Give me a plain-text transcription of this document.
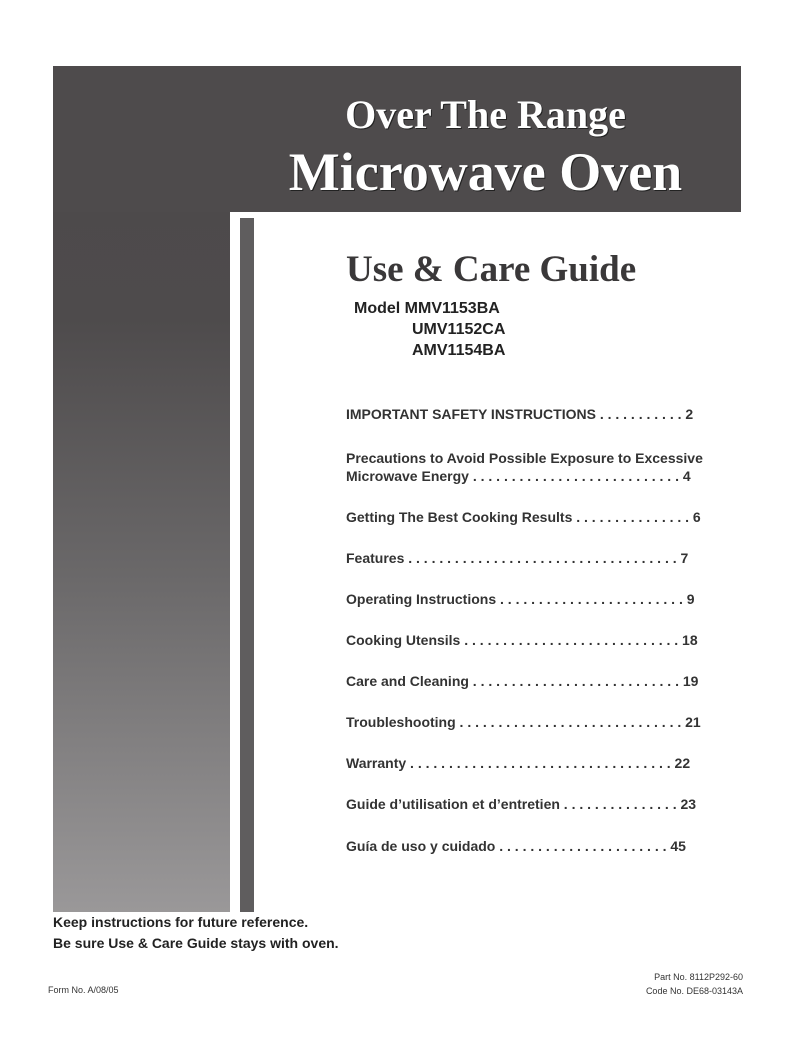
Over The Range
Microwave Oven
Use & Care Guide
Model MMV1153BA
UMV1152CA
AMV1154BA
IMPORTANT SAFETY INSTRUCTIONS . . . . . . . . . . . 2
Precautions to Avoid Possible Exposure to Excessive
Microwave Energy . . . . . . . . . . . . . . . . . . . . . . . . . . . 4
Getting The Best Cooking Results . . . . . . . . . . . . . . . 6
Features . . . . . . . . . . . . . . . . . . . . . . . . . . . . . . . . . . . 7
Operating Instructions . . . . . . . . . . . . . . . . . . . . . . . . 9
Cooking Utensils . . . . . . . . . . . . . . . . . . . . . . . . . . . . 18
Care and Cleaning . . . . . . . . . . . . . . . . . . . . . . . . . . . 19
Troubleshooting . . . . . . . . . . . . . . . . . . . . . . . . . . . . . 21
Warranty . . . . . . . . . . . . . . . . . . . . . . . . . . . . . . . . . . 22
Guide d’utilisation et d’entretien . . . . . . . . . . . . . . . 23
Guía de uso y cuidado . . . . . . . . . . . . . . . . . . . . . . 45
Keep instructions for future reference.
Be sure Use & Care Guide stays with oven.
Form No. A/08/05
Part No. 8112P292-60
Code No. DE68-03143A
